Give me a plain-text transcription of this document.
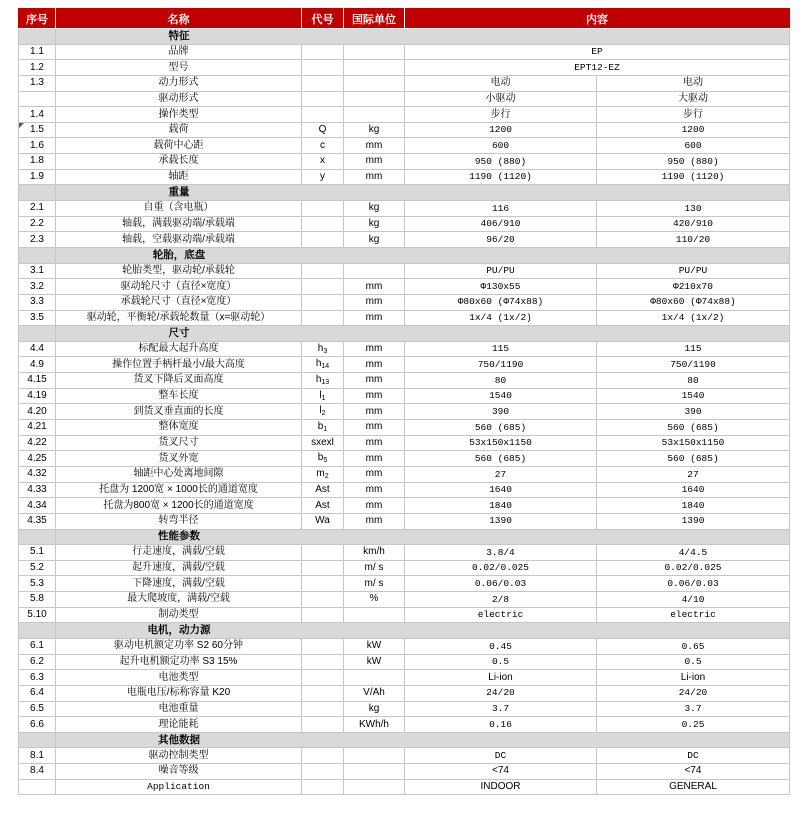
序号	名称	代号	国际单位	内容	
	特征				
1.1	品牌			EP	
1.2	型号			EPT12-EZ	
1.3	动力形式			电动	电动
	驱动形式			小驱动	大驱动
1.4	操作类型			步行	步行
1.5	载荷	Q	kg	1200	1200
1.6	载荷中心距	c	mm	600	600
1.8	承载长度	x	mm	950 (880)	950 (880)
1.9	轴距	y	mm	1190 (1120)	1190 (1120)
	重量				
2.1	自重（含电瓶）		kg	116	130
2.2	轴载，满载驱动端/承载端		kg	406/910	420/910
2.3	轴载，空载驱动端/承载端		kg	96/20	110/20
	轮胎，底盘				
3.1	轮胎类型，驱动轮/承载轮			PU/PU	PU/PU
3.2	驱动轮尺寸（直径×宽度）		mm	Φ130x55	Φ210x70
3.3	承载轮尺寸（直径×宽度）		mm	Φ80x60 (Φ74x88)	Φ80x60 (Φ74x88)
3.5	驱动轮，平衡轮/承载轮数量（x=驱动轮）		mm	1x/4 (1x/2)	1x/4 (1x/2)
	尺寸				
4.4	标配最大起升高度	$h_3$	mm	115	115
4.9	操作位置手柄杆最小/最大高度	$h_{14}$	mm	750/1190	750/1190
4.15	货叉下降后叉面高度	$h_{13}$	mm	80	80
4.19	整车长度	$l_1$	mm	1540	1540
4.20	到货叉垂直面的长度	$l_2$	mm	390	390
4.21	整体宽度	$b_1$	mm	560 (685)	560 (685)
4.22	货叉尺寸	sxexl	mm	53x150x1150	53x150x1150
4.25	货叉外宽	$b_5$	mm	560 (685)	560 (685)
4.32	轴距中心处离地间隙	$m_2$	mm	27	27
4.33	托盘为 1200宽 × 1000长的通道宽度	Ast	mm	1640	1640
4.34	托盘为800宽 × 1200长的通道宽度	Ast	mm	1840	1840
4.35	转弯半径	Wa	mm	1390	1390
	性能参数				
5.1	行走速度，满载/空载		km/h	3.8/4	4/4.5
5.2	起升速度，满载/空载		m/ s	0.02/0.025	0.02/0.025
5.3	下降速度，满载/空载		m/ s	0.06/0.03	0.06/0.03
5.8	最大爬坡度，满载/空载		%	2/8	4/10
5.10	制动类型			electric	electric
	电机，动力源				
6.1	驱动电机额定功率 S2 60分钟		kW	0.45	0.65
6.2	起升电机额定功率 S3 15%		kW	0.5	0.5
6.3	电池类型			Li-ion	Li-ion
6.4	电瓶电压/标称容量 K20		V/Ah	24/20	24/20
6.5	电池重量		kg	3.7	3.7
6.6	理论能耗		KWh/h	0.16	0.25
	其他数据				
8.1	驱动控制类型			DC	DC
8.4	噪音等级			<74	<74
	Application			INDOOR	GENERAL
